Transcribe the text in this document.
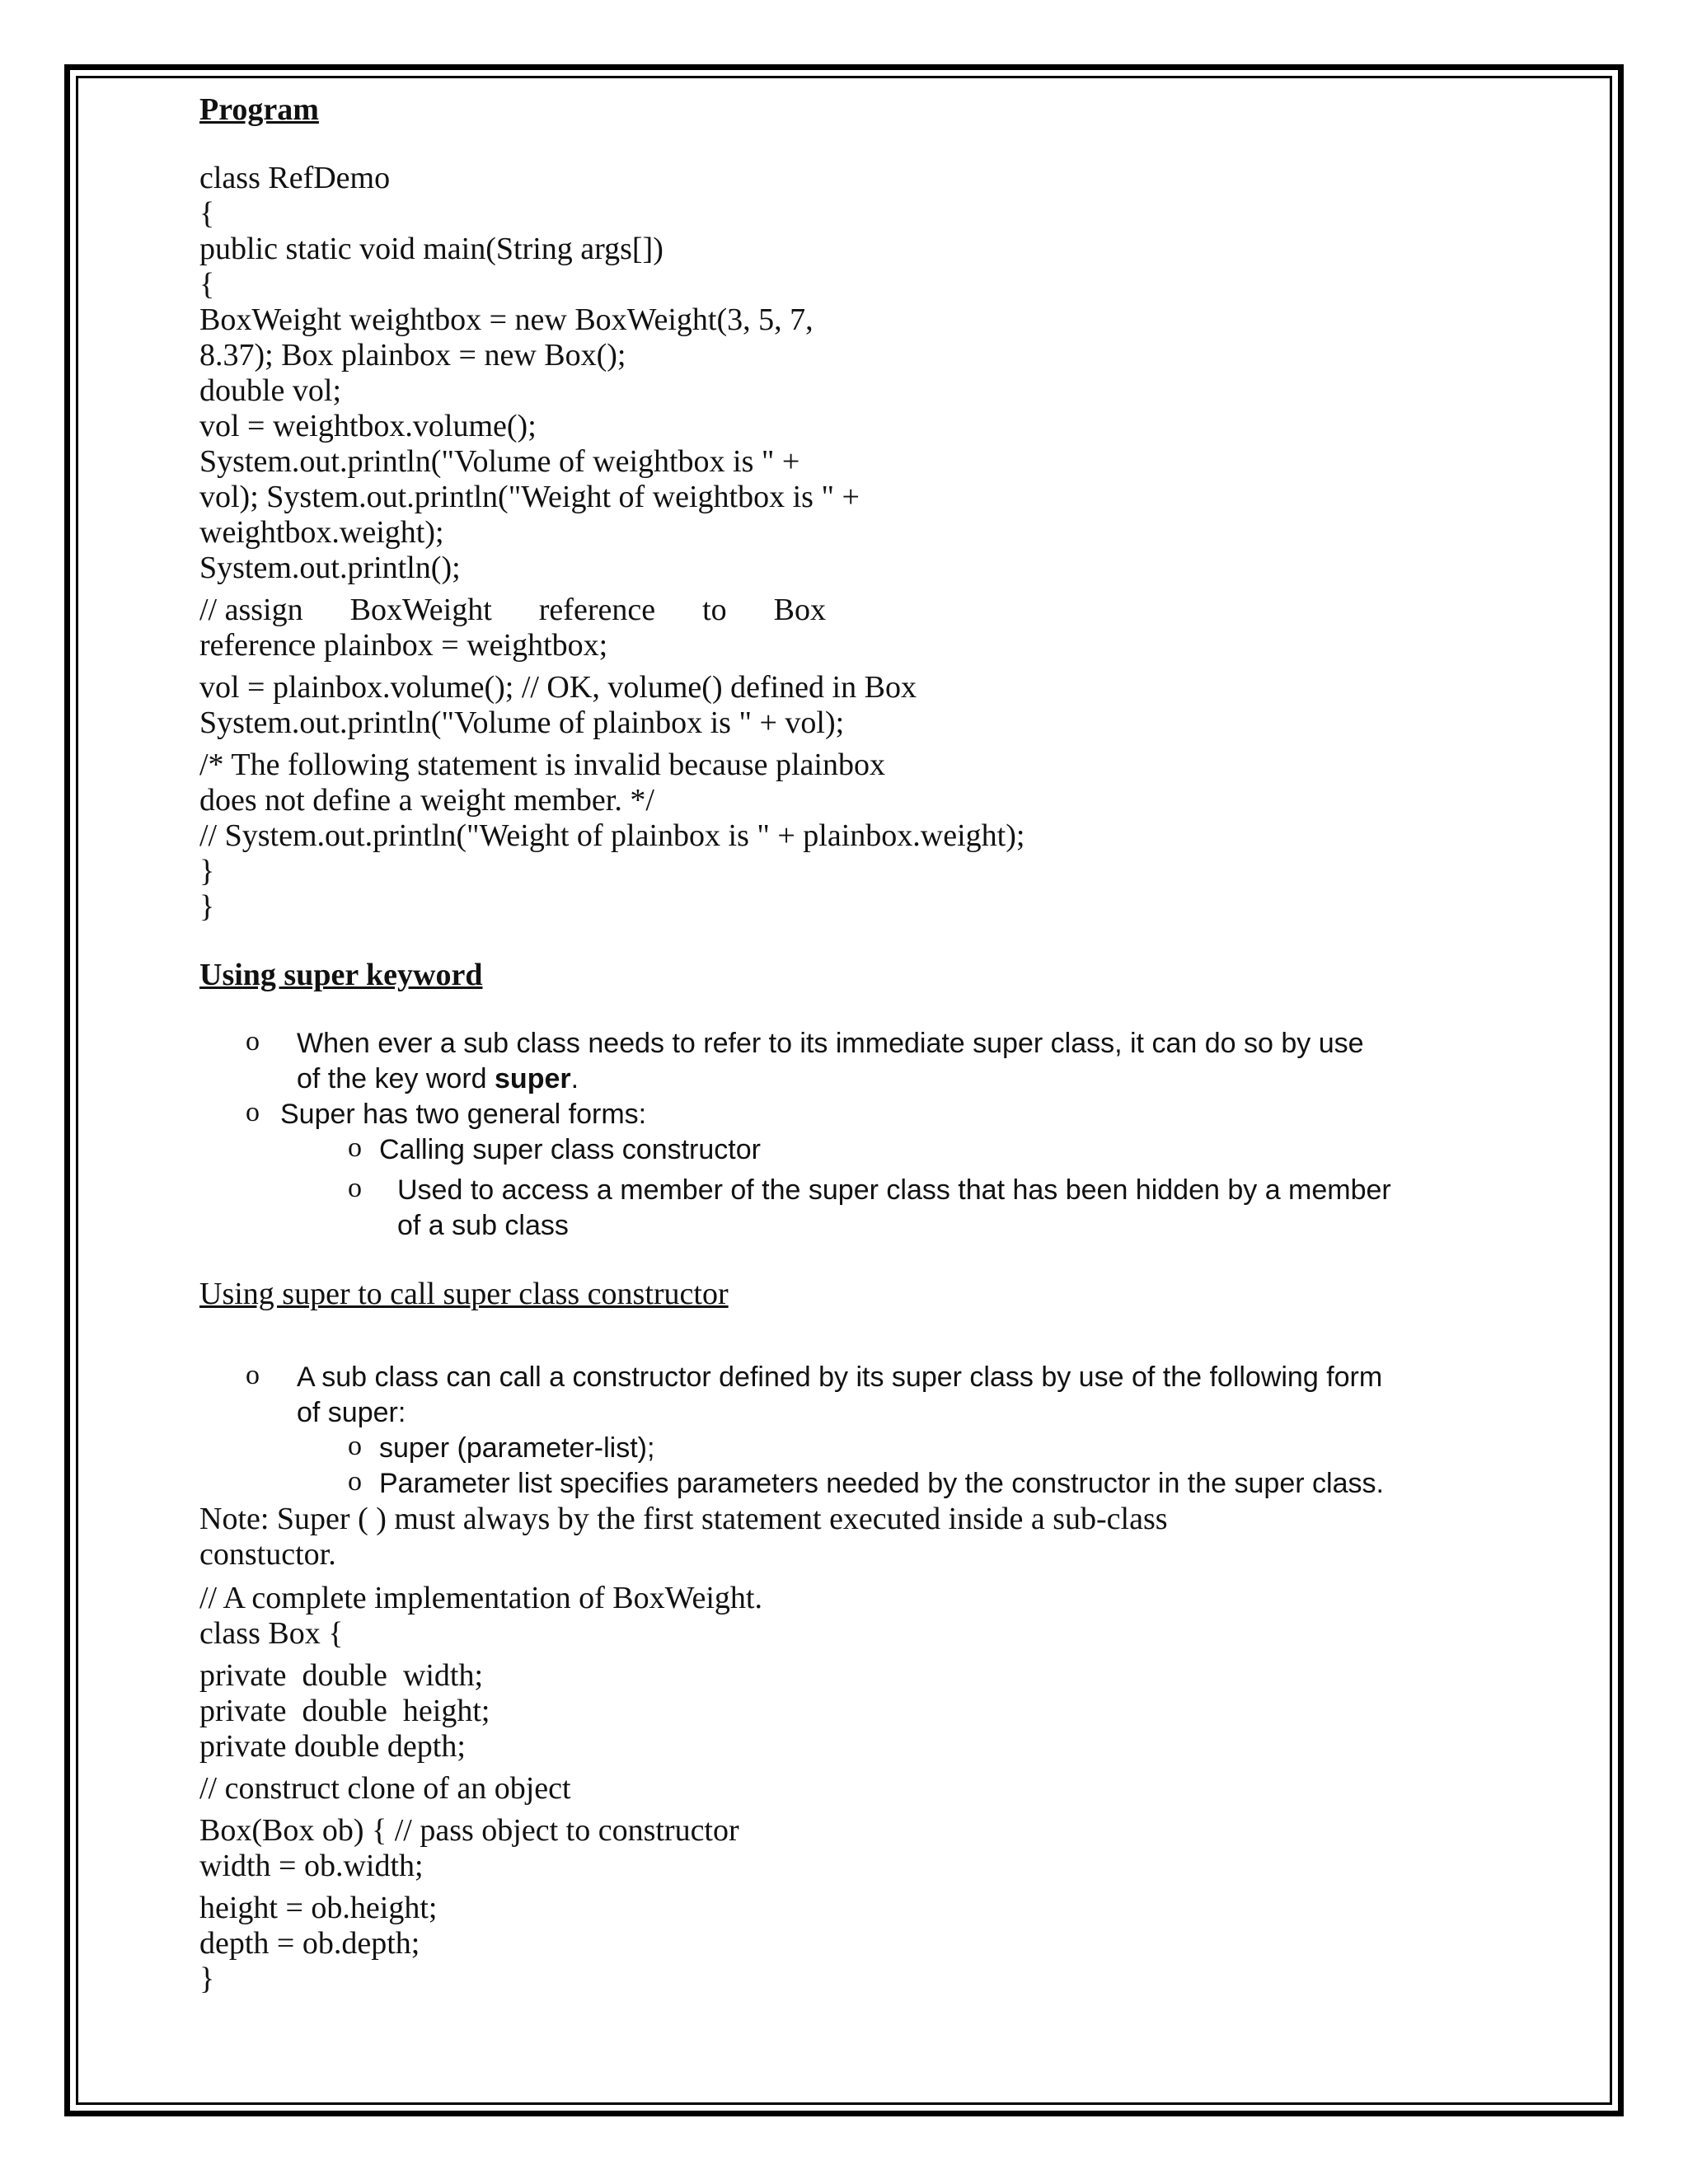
Program
class RefDemo
{
public static void main(String args[])
{
BoxWeight weightbox = new BoxWeight(3, 5, 7,
8.37); Box plainbox = new Box();
double vol;
vol = weightbox.volume();
System.out.println("Volume of weightbox is " +
vol); System.out.println("Weight of weightbox is " +
weightbox.weight);
System.out.println();
// assign BoxWeight reference to Box
reference plainbox = weightbox;
vol = plainbox.volume(); // OK, volume() defined in Box
System.out.println("Volume of plainbox is " + vol);
/* The following statement is invalid because plainbox
does not define a weight member. */
// System.out.println("Weight of plainbox is " + plainbox.weight);
}
}
Using super keyword
o When ever a sub class needs to refer to its immediate super class, it can do so by use
of the key word super.
o Super has two general forms:
o Calling super class constructor
o Used to access a member of the super class that has been hidden by a member
of a sub class
Using super to call super class constructor
o A sub class can call a constructor defined by its super class by use of the following form
of super:
o super (parameter-list);
o Parameter list specifies parameters needed by the constructor in the super class.
Note: Super ( ) must always by the first statement executed inside a sub-class
constuctor.
// A complete implementation of BoxWeight.
class Box {
private  double  width;
private  double  height;
private double depth;
// construct clone of an object
Box(Box ob) { // pass object to constructor
width = ob.width;
height = ob.height;
depth = ob.depth;
}
